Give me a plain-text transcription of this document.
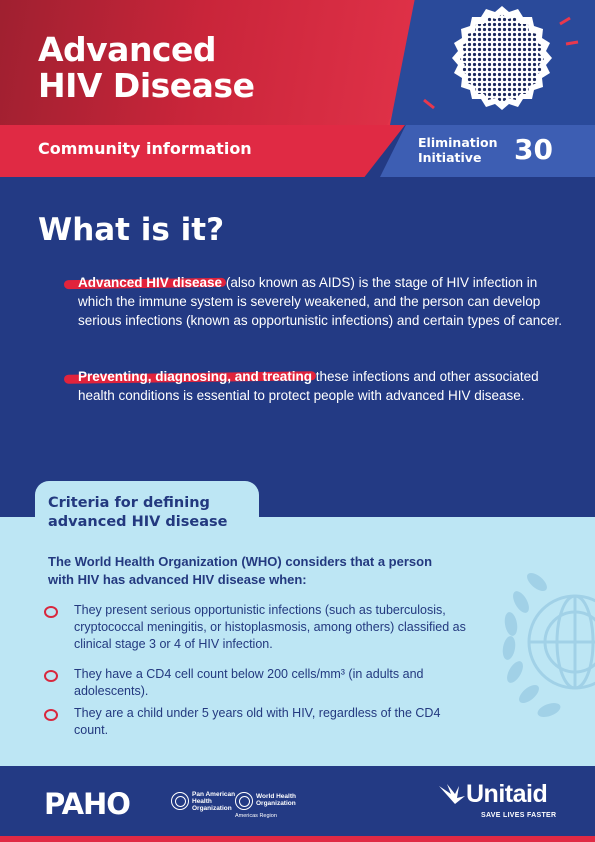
Advanced
HIV Disease

Community information	Elimination
Initiative	30
What is it?

Advanced HIV disease (also known as AIDS) is the stage of HIV infection in which the immune system is severely weakened, and the person can develop serious infections (known as opportunistic infections) and certain types of cancer.

Preventing, diagnosing, and treating these infections and other associated health conditions is essential to protect people with advanced HIV disease.

Criteria for defining
advanced HIV disease

The World Health Organization (WHO) considers that a person with HIV has advanced HIV disease when:

They present serious opportunistic infections (such as tuberculosis, cryptococcal meningitis, or histoplasmosis, among others) classified as clinical stage 3 or 4 of HIV infection.

They have a CD4 cell count below 200 cells/mm³ (in adults and adolescents).

They are a child under 5 years old with HIV, regardless of the CD4 count.

PAHO	Pan American
Health
Organization

World Health
Organization

Americas Region

Unitaid

SAVE LIVES FASTER
